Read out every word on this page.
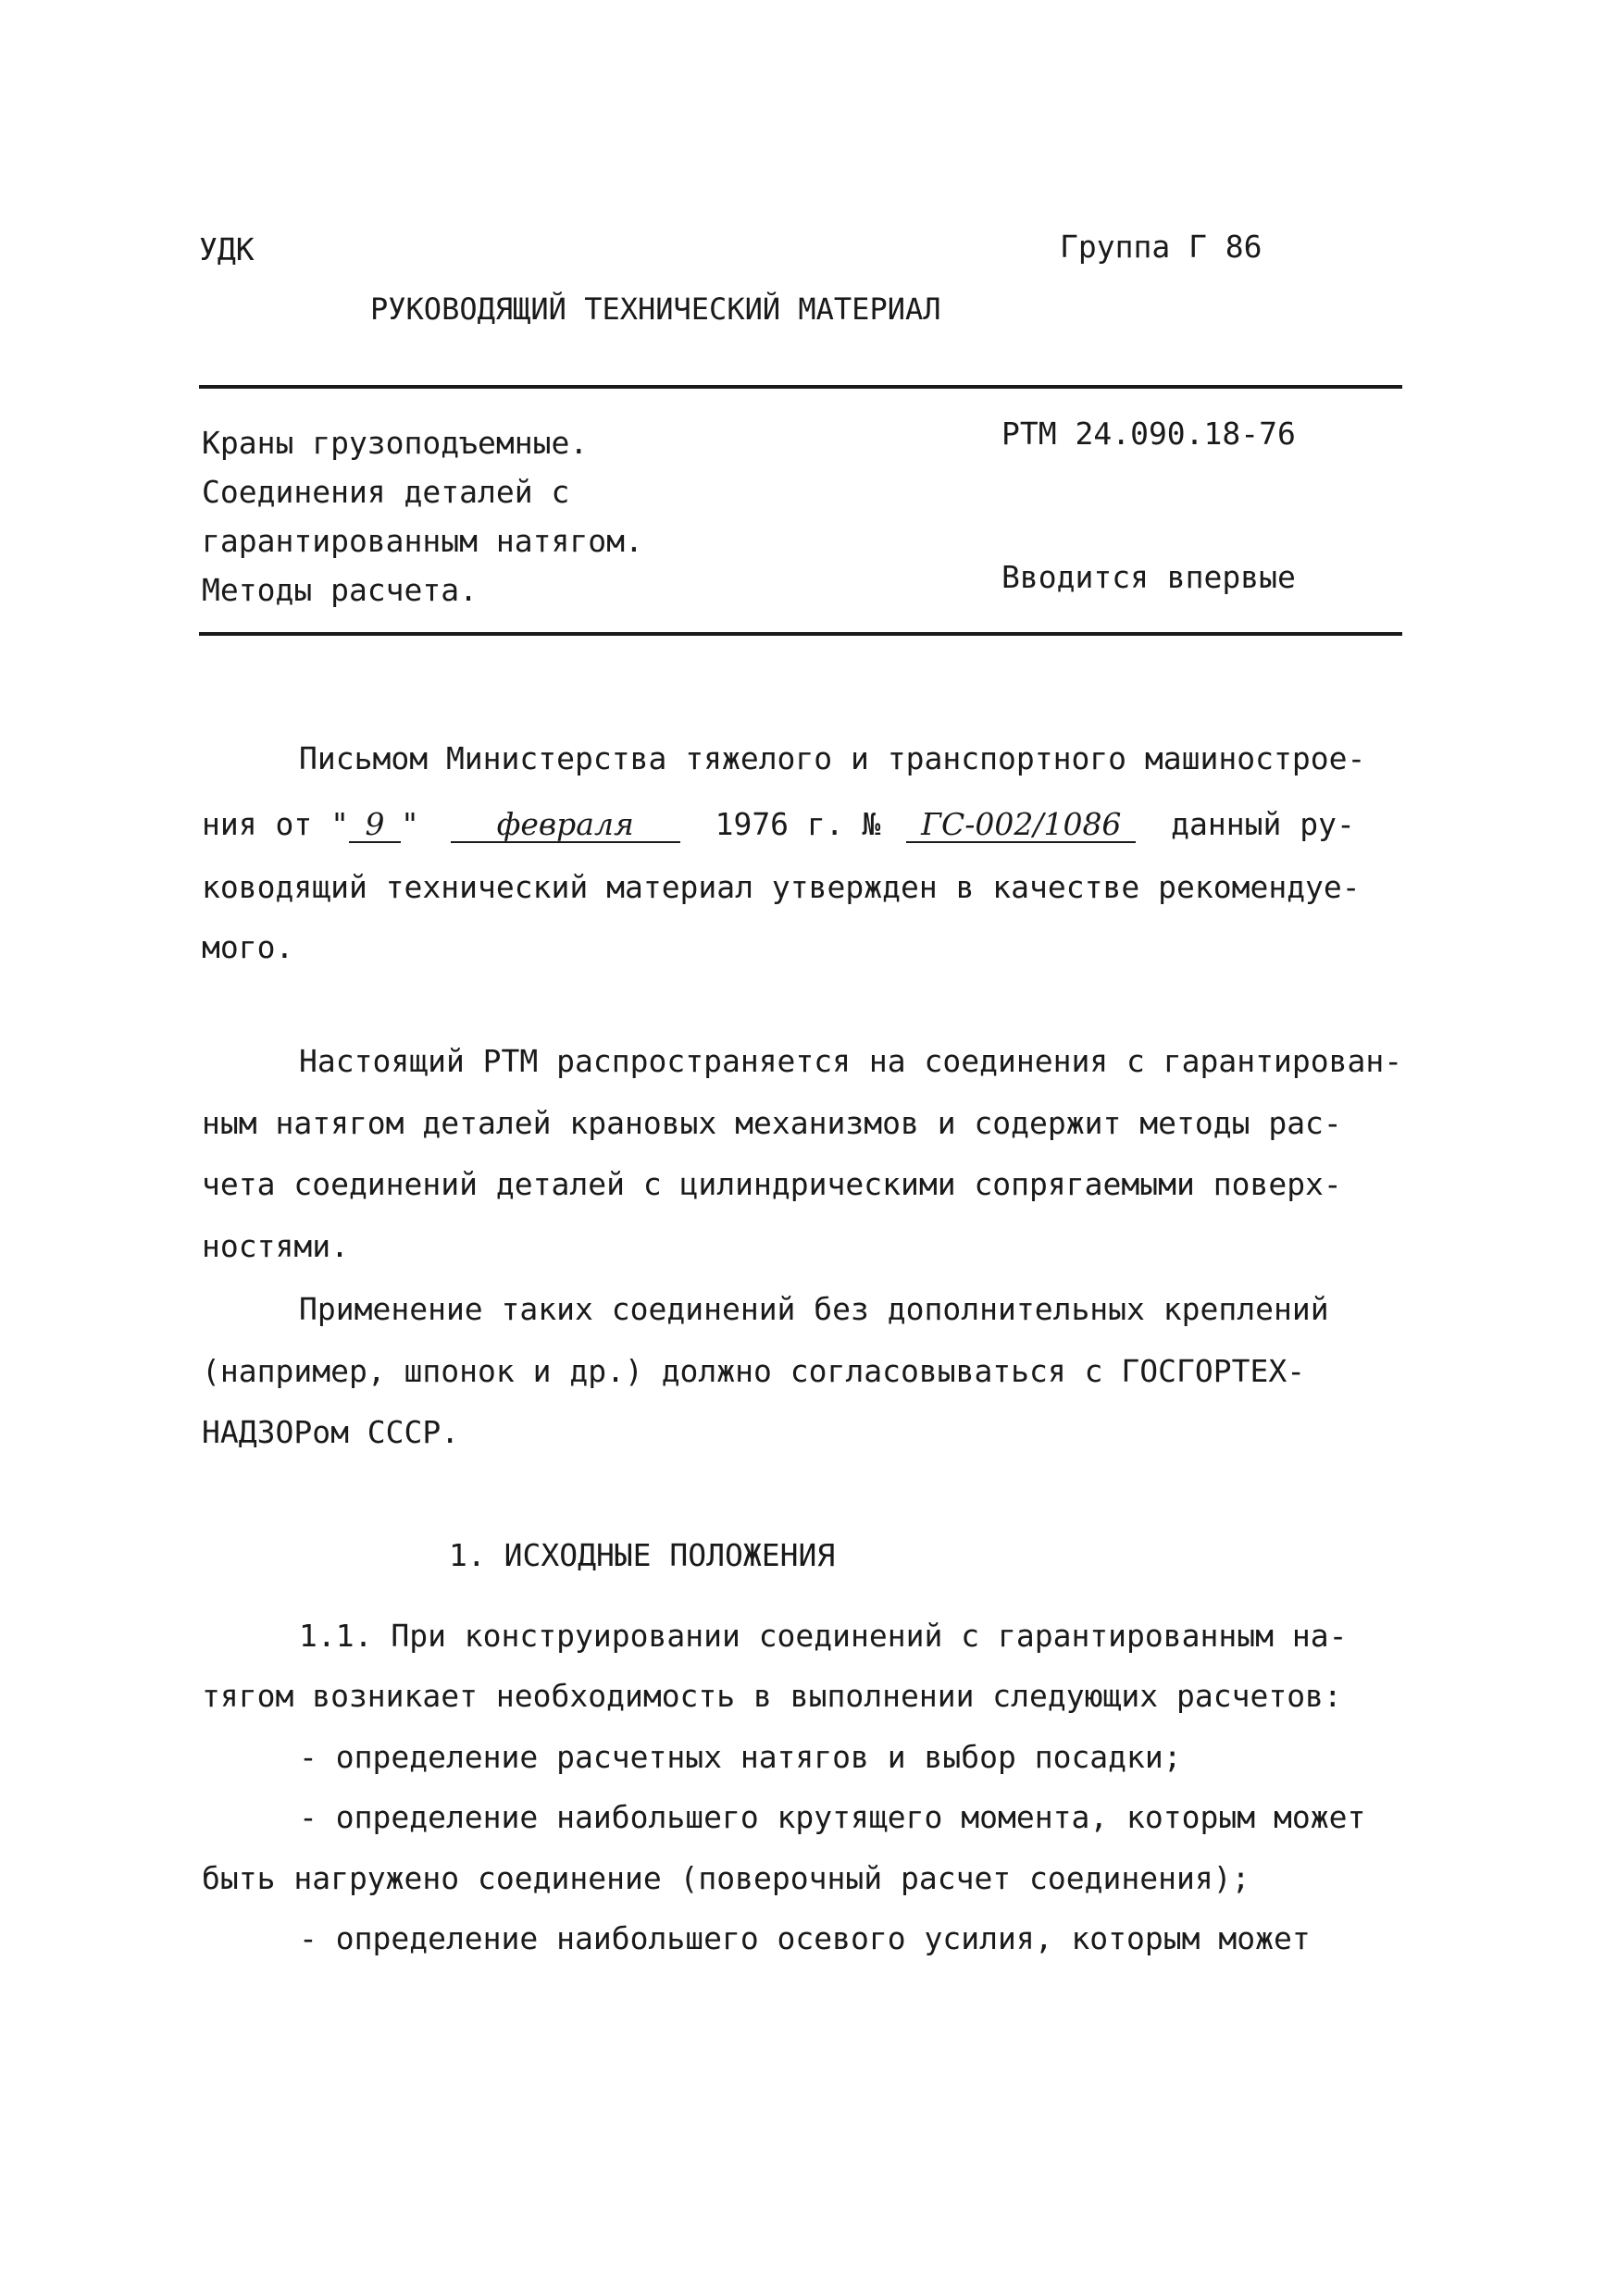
УДК	Группа Г 86
РУКОВОДЯЩИЙ ТЕХНИЧЕСКИЙ МАТЕРИАЛ
Краны грузоподъемные.
Соединения деталей с
гарантированным натягом.
Методы расчета.
РТМ 24.090.18-76
Вводится впервые
Письмом Министерства тяжелого и транспортного машинострое-
ния от " 9 "	февраля	1976 г. № ГС-002/1086 данный ру-
ководящий технический материал утвержден в качестве рекомендуе-
мого.
Настоящий РТМ распространяется на соединения с гарантирован-
ным натягом деталей крановых механизмов и содержит методы рас-
чета соединений деталей с цилиндрическими сопрягаемыми поверх-
ностями.
Применение таких соединений без дополнительных креплений
(например, шпонок и др.) должно согласовываться с ГОСГОРТЕХ-
НАДЗОРом СССР.
1. ИСХОДНЫЕ ПОЛОЖЕНИЯ
1.1. При конструировании соединений с гарантированным на-
тягом возникает необходимость в выполнении следующих расчетов:
- определение расчетных натягов и выбор посадки;
- определение наибольшего крутящего момента, которым может
быть нагружено соединение (поверочный расчет соединения);
- определение наибольшего осевого усилия, которым может
